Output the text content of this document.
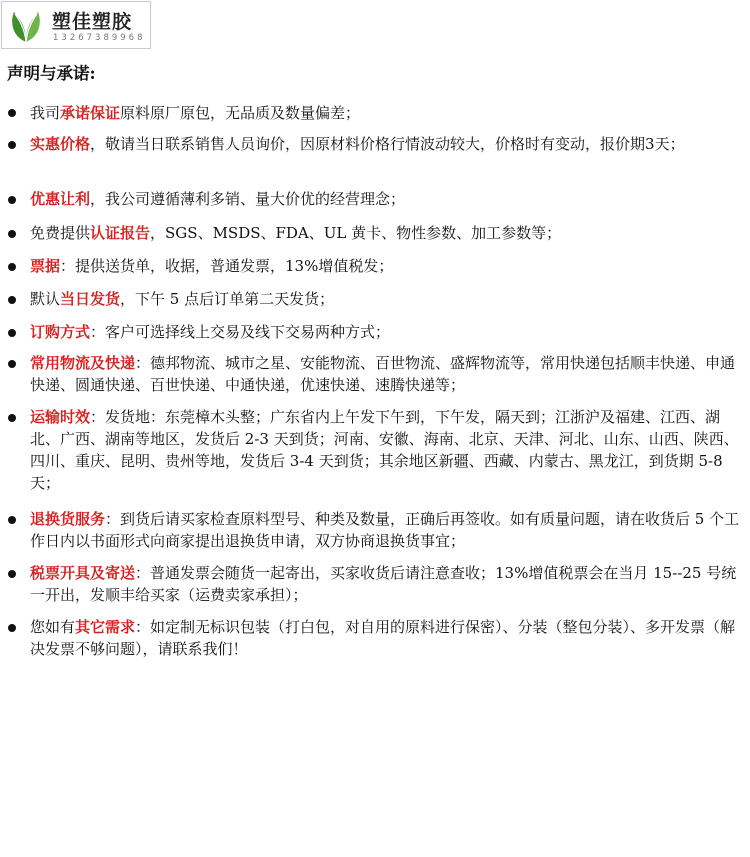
塑佳塑胶
13267389968
声明与承诺:
我司承诺保证原料原厂原包，无品质及数量偏差；
实惠价格，敬请当日联系销售人员询价，因原材料价格行情波动较大，价格时有变动，报价期3天；
优惠让利，我公司遵循薄利多销、量大价优的经营理念；
免费提供认证报告，SGS、MSDS、FDA、UL 黄卡、物性参数、加工参数等；
票据：提供送货单，收据，普通发票，13%增值税发；
默认当日发货，下午 5 点后订单第二天发货；
订购方式：客户可选择线上交易及线下交易两种方式；
常用物流及快递：德邦物流、城市之星、安能物流、百世物流、盛辉物流等，常用快递包括顺丰快递、申通快递、圆通快递、百世快递、中通快递，优速快递、速腾快递等；
运输时效：发货地：东莞樟木头整；广东省内上午发下午到，下午发，隔天到；江浙沪及福建、江西、湖北、广西、湖南等地区，发货后 2-3 天到货；河南、安徽、海南、北京、天津、河北、山东、山西、陕西、四川、重庆、昆明、贵州等地，发货后 3-4 天到货；其余地区新疆、西藏、内蒙古、黑龙江，到货期 5-8 天；
退换货服务：到货后请买家检查原料型号、种类及数量，正确后再签收。如有质量问题，请在收货后 5 个工作日内以书面形式向商家提出退换货申请，双方协商退换货事宜；
税票开具及寄送：普通发票会随货一起寄出，买家收货后请注意查收；13%增值税票会在当月 15--25 号统一开出，发顺丰给买家（运费卖家承担）；
您如有其它需求：如定制无标识包装（打白包，对自用的原料进行保密）、分装（整包分装）、多开发票（解决发票不够问题），请联系我们！
